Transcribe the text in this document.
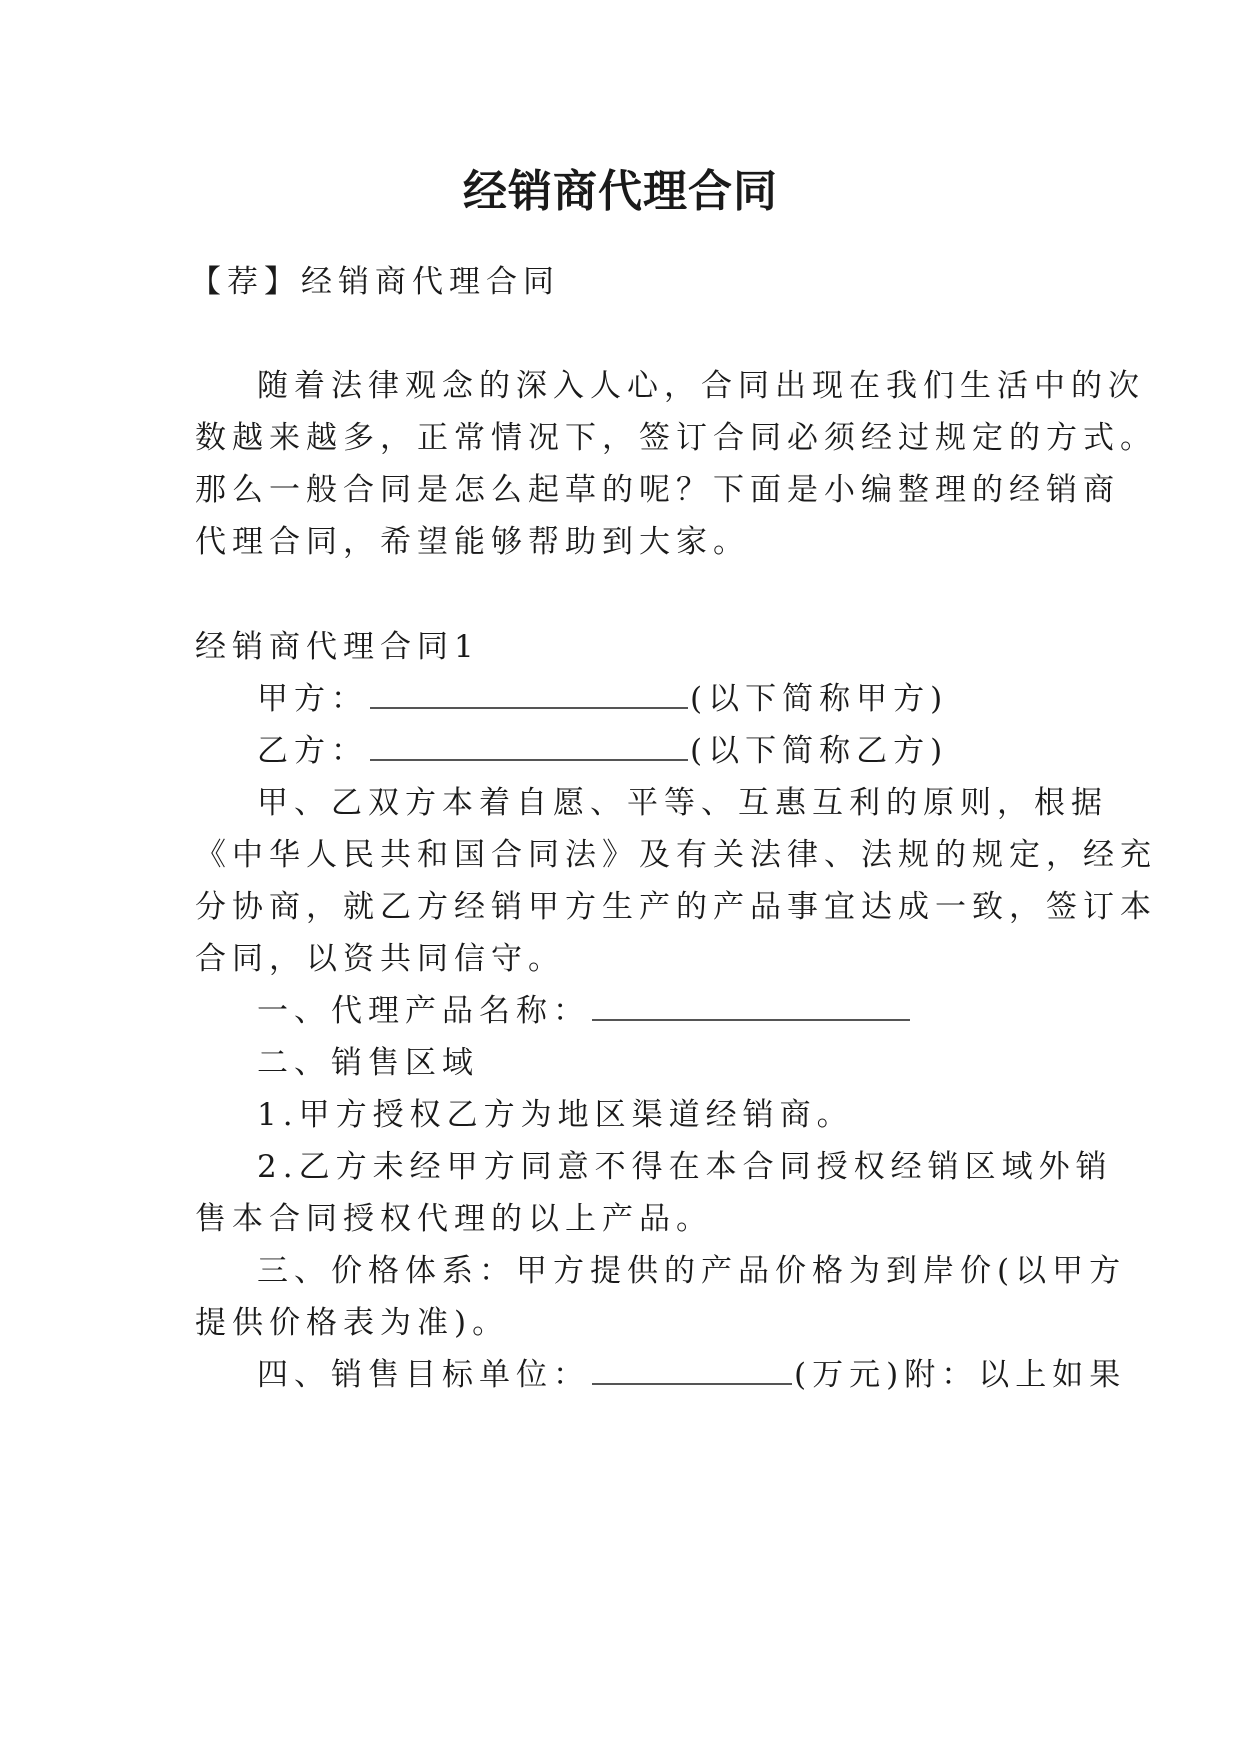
经销商代理合同
【荐】经销商代理合同
随着法律观念的深入人心，合同出现在我们生活中的次
数越来越多，正常情况下，签订合同必须经过规定的方式。
那么一般合同是怎么起草的呢？下面是小编整理的经销商
代理合同，希望能够帮助到大家。
经销商代理合同1
甲方：	(以下简称甲方)
乙方：	(以下简称乙方)
甲、乙双方本着自愿、平等、互惠互利的原则，根据
《中华人民共和国合同法》及有关法律、法规的规定，经充
分协商，就乙方经销甲方生产的产品事宜达成一致，签订本
合同，以资共同信守。
一、代理产品名称：
二、销售区域
1.甲方授权乙方为地区渠道经销商。
2.乙方未经甲方同意不得在本合同授权经销区域外销
售本合同授权代理的以上产品。
三、价格体系：甲方提供的产品价格为到岸价(以甲方
提供价格表为准)。
四、销售目标单位：	(万元)附：以上如果
